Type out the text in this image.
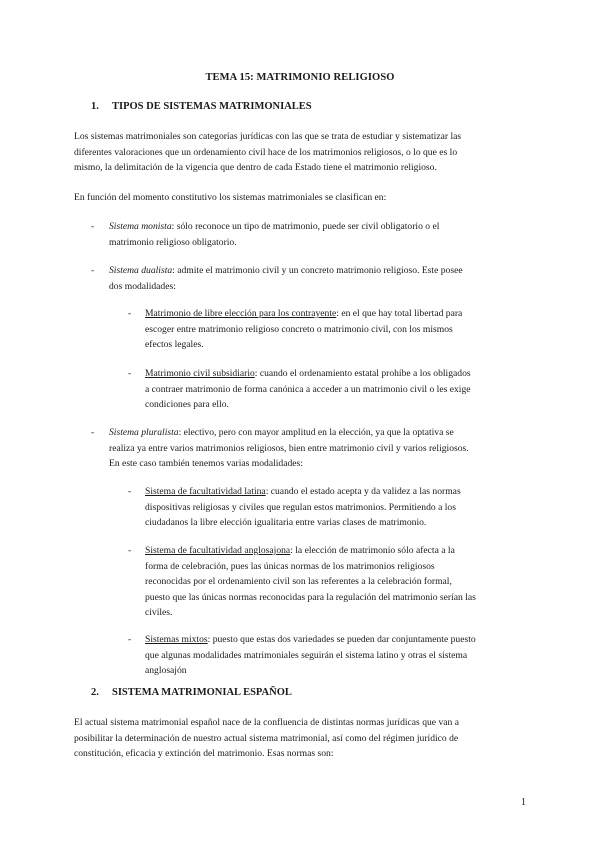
TEMA 15: MATRIMONIO RELIGIOSO
1. TIPOS DE SISTEMAS MATRIMONIALES
Los sistemas matrimoniales son categorías jurídicas con las que se trata de estudiar y sistematizar las
diferentes valoraciones que un ordenamiento civil hace de los matrimonios religiosos, o lo que es lo
mismo, la delimitación de la vigencia que dentro de cada Estado tiene el matrimonio religioso.
En función del momento constitutivo los sistemas matrimoniales se clasifican en:
- Sistema monista: sólo reconoce un tipo de matrimonio, puede ser civil obligatorio o el
matrimonio religioso obligatorio.
- Sistema dualista: admite el matrimonio civil y un concreto matrimonio religioso. Este posee
dos modalidades:
- Matrimonio de libre elección para los contrayente: en el que hay total libertad para
escoger entre matrimonio religioso concreto o matrimonio civil, con los mismos
efectos legales.
- Matrimonio civil subsidiario: cuando el ordenamiento estatal prohíbe a los obligados
a contraer matrimonio de forma canónica a acceder a un matrimonio civil o les exige
condiciones para ello.
- Sistema pluralista: electivo, pero con mayor amplitud en la elección, ya que la optativa se
realiza ya entre varios matrimonios religiosos, bien entre matrimonio civil y varios religiosos.
En este caso también tenemos varias modalidades:
- Sistema de facultatividad latina: cuando el estado acepta y da validez a las normas
dispositivas religiosas y civiles que regulan estos matrimonios. Permitiendo a los
ciudadanos la libre elección igualitaria entre varias clases de matrimonio.
- Sistema de facultatividad anglosajona: la elección de matrimonio sólo afecta a la
forma de celebración, pues las únicas normas de los matrimonios religiosos
reconocidas por el ordenamiento civil son las referentes a la celebración formal,
puesto que las únicas normas reconocidas para la regulación del matrimonio serían las
civiles.
- Sistemas mixtos: puesto que estas dos variedades se pueden dar conjuntamente puesto
que algunas modalidades matrimoniales seguirán el sistema latino y otras el sistema
anglosajón
2. SISTEMA MATRIMONIAL ESPAÑOL
El actual sistema matrimonial español nace de la confluencia de distintas normas jurídicas que van a
posibilitar la determinación de nuestro actual sistema matrimonial, así como del régimen jurídico de
constitución, eficacia y extinción del matrimonio. Esas normas son:
1
